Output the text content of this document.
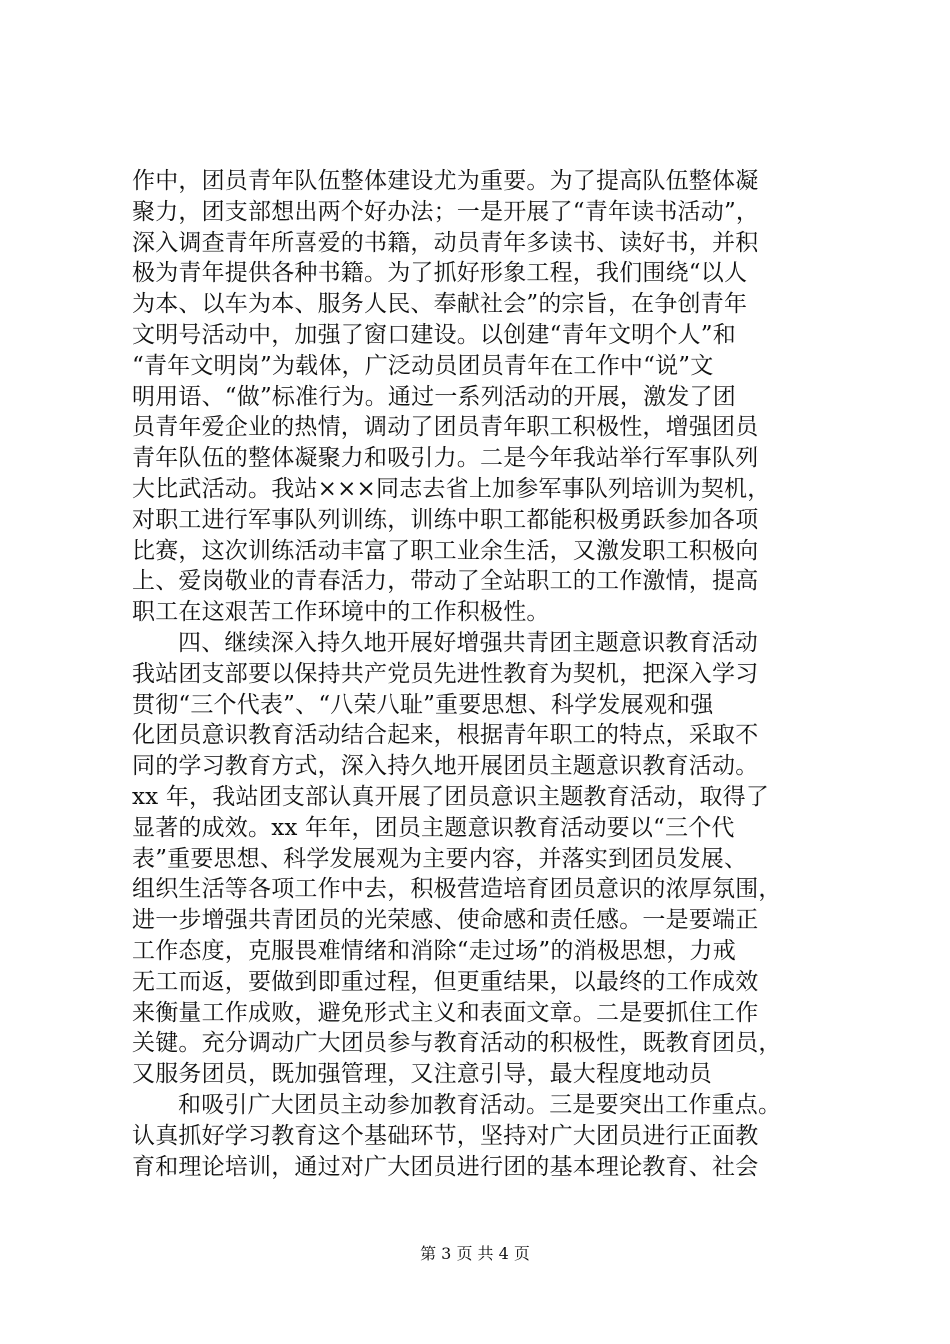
作中，团员青年队伍整体建设尤为重要。为了提高队伍整体凝
聚力，团支部想出两个好办法；一是开展了“青年读书活动”，
深入调查青年所喜爱的书籍，动员青年多读书、读好书，并积
极为青年提供各种书籍。为了抓好形象工程，我们围绕“以人
为本、以车为本、服务人民、奉献社会”的宗旨，在争创青年
文明号活动中，加强了窗口建设。以创建“青年文明个人”和
“青年文明岗”为载体，广泛动员团员青年在工作中“说”文
明用语、“做”标准行为。通过一系列活动的开展，激发了团
员青年爱企业的热情，调动了团员青年职工积极性，增强团员
青年队伍的整体凝聚力和吸引力。二是今年我站举行军事队列
大比武活动。我站×××同志去省上加参军事队列培训为契机，
对职工进行军事队列训练，训练中职工都能积极勇跃参加各项
比赛，这次训练活动丰富了职工业余生活，又激发职工积极向
上、爱岗敬业的青春活力，带动了全站职工的工作激情，提高
职工在这艰苦工作环境中的工作积极性。
四、继续深入持久地开展好增强共青团主题意识教育活动
我站团支部要以保持共产党员先进性教育为契机，把深入学习
贯彻“三个代表”、“八荣八耻”重要思想、科学发展观和强
化团员意识教育活动结合起来，根据青年职工的特点，采取不
同的学习教育方式，深入持久地开展团员主题意识教育活动。
xx 年，我站团支部认真开展了团员意识主题教育活动，取得了
显著的成效。xx 年年，团员主题意识教育活动要以“三个代
表”重要思想、科学发展观为主要内容，并落实到团员发展、
组织生活等各项工作中去，积极营造培育团员意识的浓厚氛围，
进一步增强共青团员的光荣感、使命感和责任感。一是要端正
工作态度，克服畏难情绪和消除“走过场”的消极思想，力戒
无工而返，要做到即重过程，但更重结果，以最终的工作成效
来衡量工作成败，避免形式主义和表面文章。二是要抓住工作
关键。充分调动广大团员参与教育活动的积极性，既教育团员，
又服务团员，既加强管理，又注意引导，最大程度地动员
和吸引广大团员主动参加教育活动。三是要突出工作重点。
认真抓好学习教育这个基础环节，坚持对广大团员进行正面教
育和理论培训，通过对广大团员进行团的基本理论教育、社会
第 3 页 共 4 页
